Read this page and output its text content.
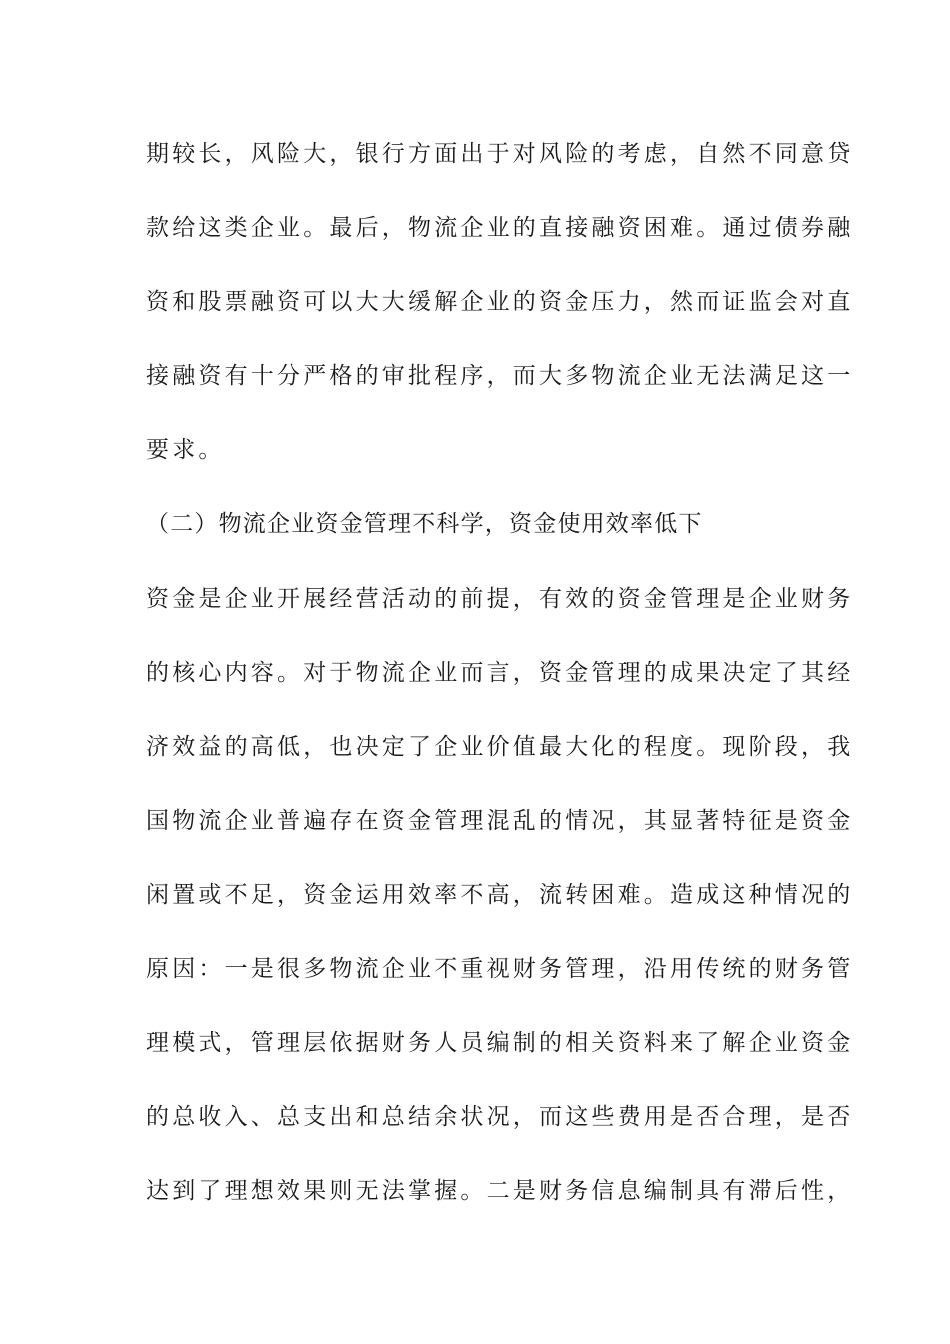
期较长，风险大，银行方面出于对风险的考虑，自然不同意贷
款给这类企业。最后，物流企业的直接融资困难。通过债券融
资和股票融资可以大大缓解企业的资金压力，然而证监会对直
接融资有十分严格的审批程序，而大多物流企业无法满足这一
要求。
（二）物流企业资金管理不科学，资金使用效率低下
资金是企业开展经营活动的前提，有效的资金管理是企业财务
的核心内容。对于物流企业而言，资金管理的成果决定了其经
济效益的高低，也决定了企业价值最大化的程度。现阶段，我
国物流企业普遍存在资金管理混乱的情况，其显著特征是资金
闲置或不足，资金运用效率不高，流转困难。造成这种情况的
原因：一是很多物流企业不重视财务管理，沿用传统的财务管
理模式，管理层依据财务人员编制的相关资料来了解企业资金
的总收入、总支出和总结余状况，而这些费用是否合理，是否
达到了理想效果则无法掌握。二是财务信息编制具有滞后性，
